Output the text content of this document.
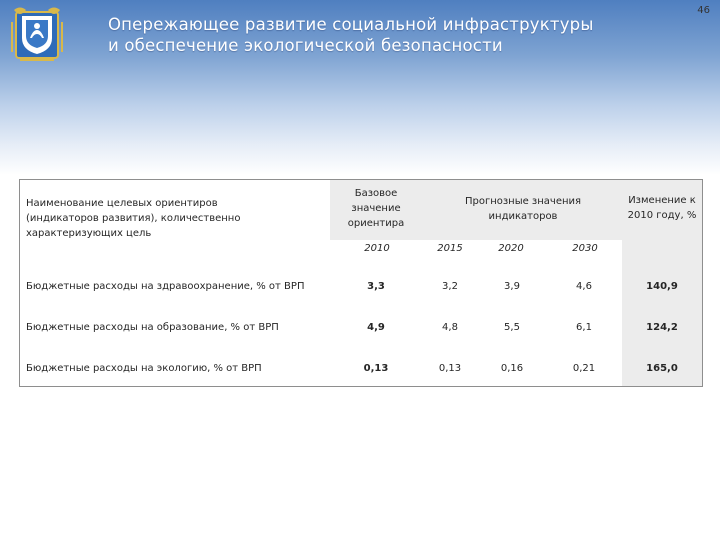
46
Опережающее развитие социальной инфраструктуры
и обеспечение экологической безопасности
Наименование целевых ориентиров (индикаторов развития), количественно характеризующих цель
Базовое значение ориентира
Прогнозные значения индикаторов
Изменение к 2010 году, %
2010	2015	2020	2030
Бюджетные расходы на здравоохранение, % от ВРП	3,3	3,2	3,9	4,6	140,9
Бюджетные расходы на образование, % от ВРП	4,9	4,8	5,5	6,1	124,2
Бюджетные расходы на экологию, % от ВРП	0,13	0,13	0,16	0,21	165,0
